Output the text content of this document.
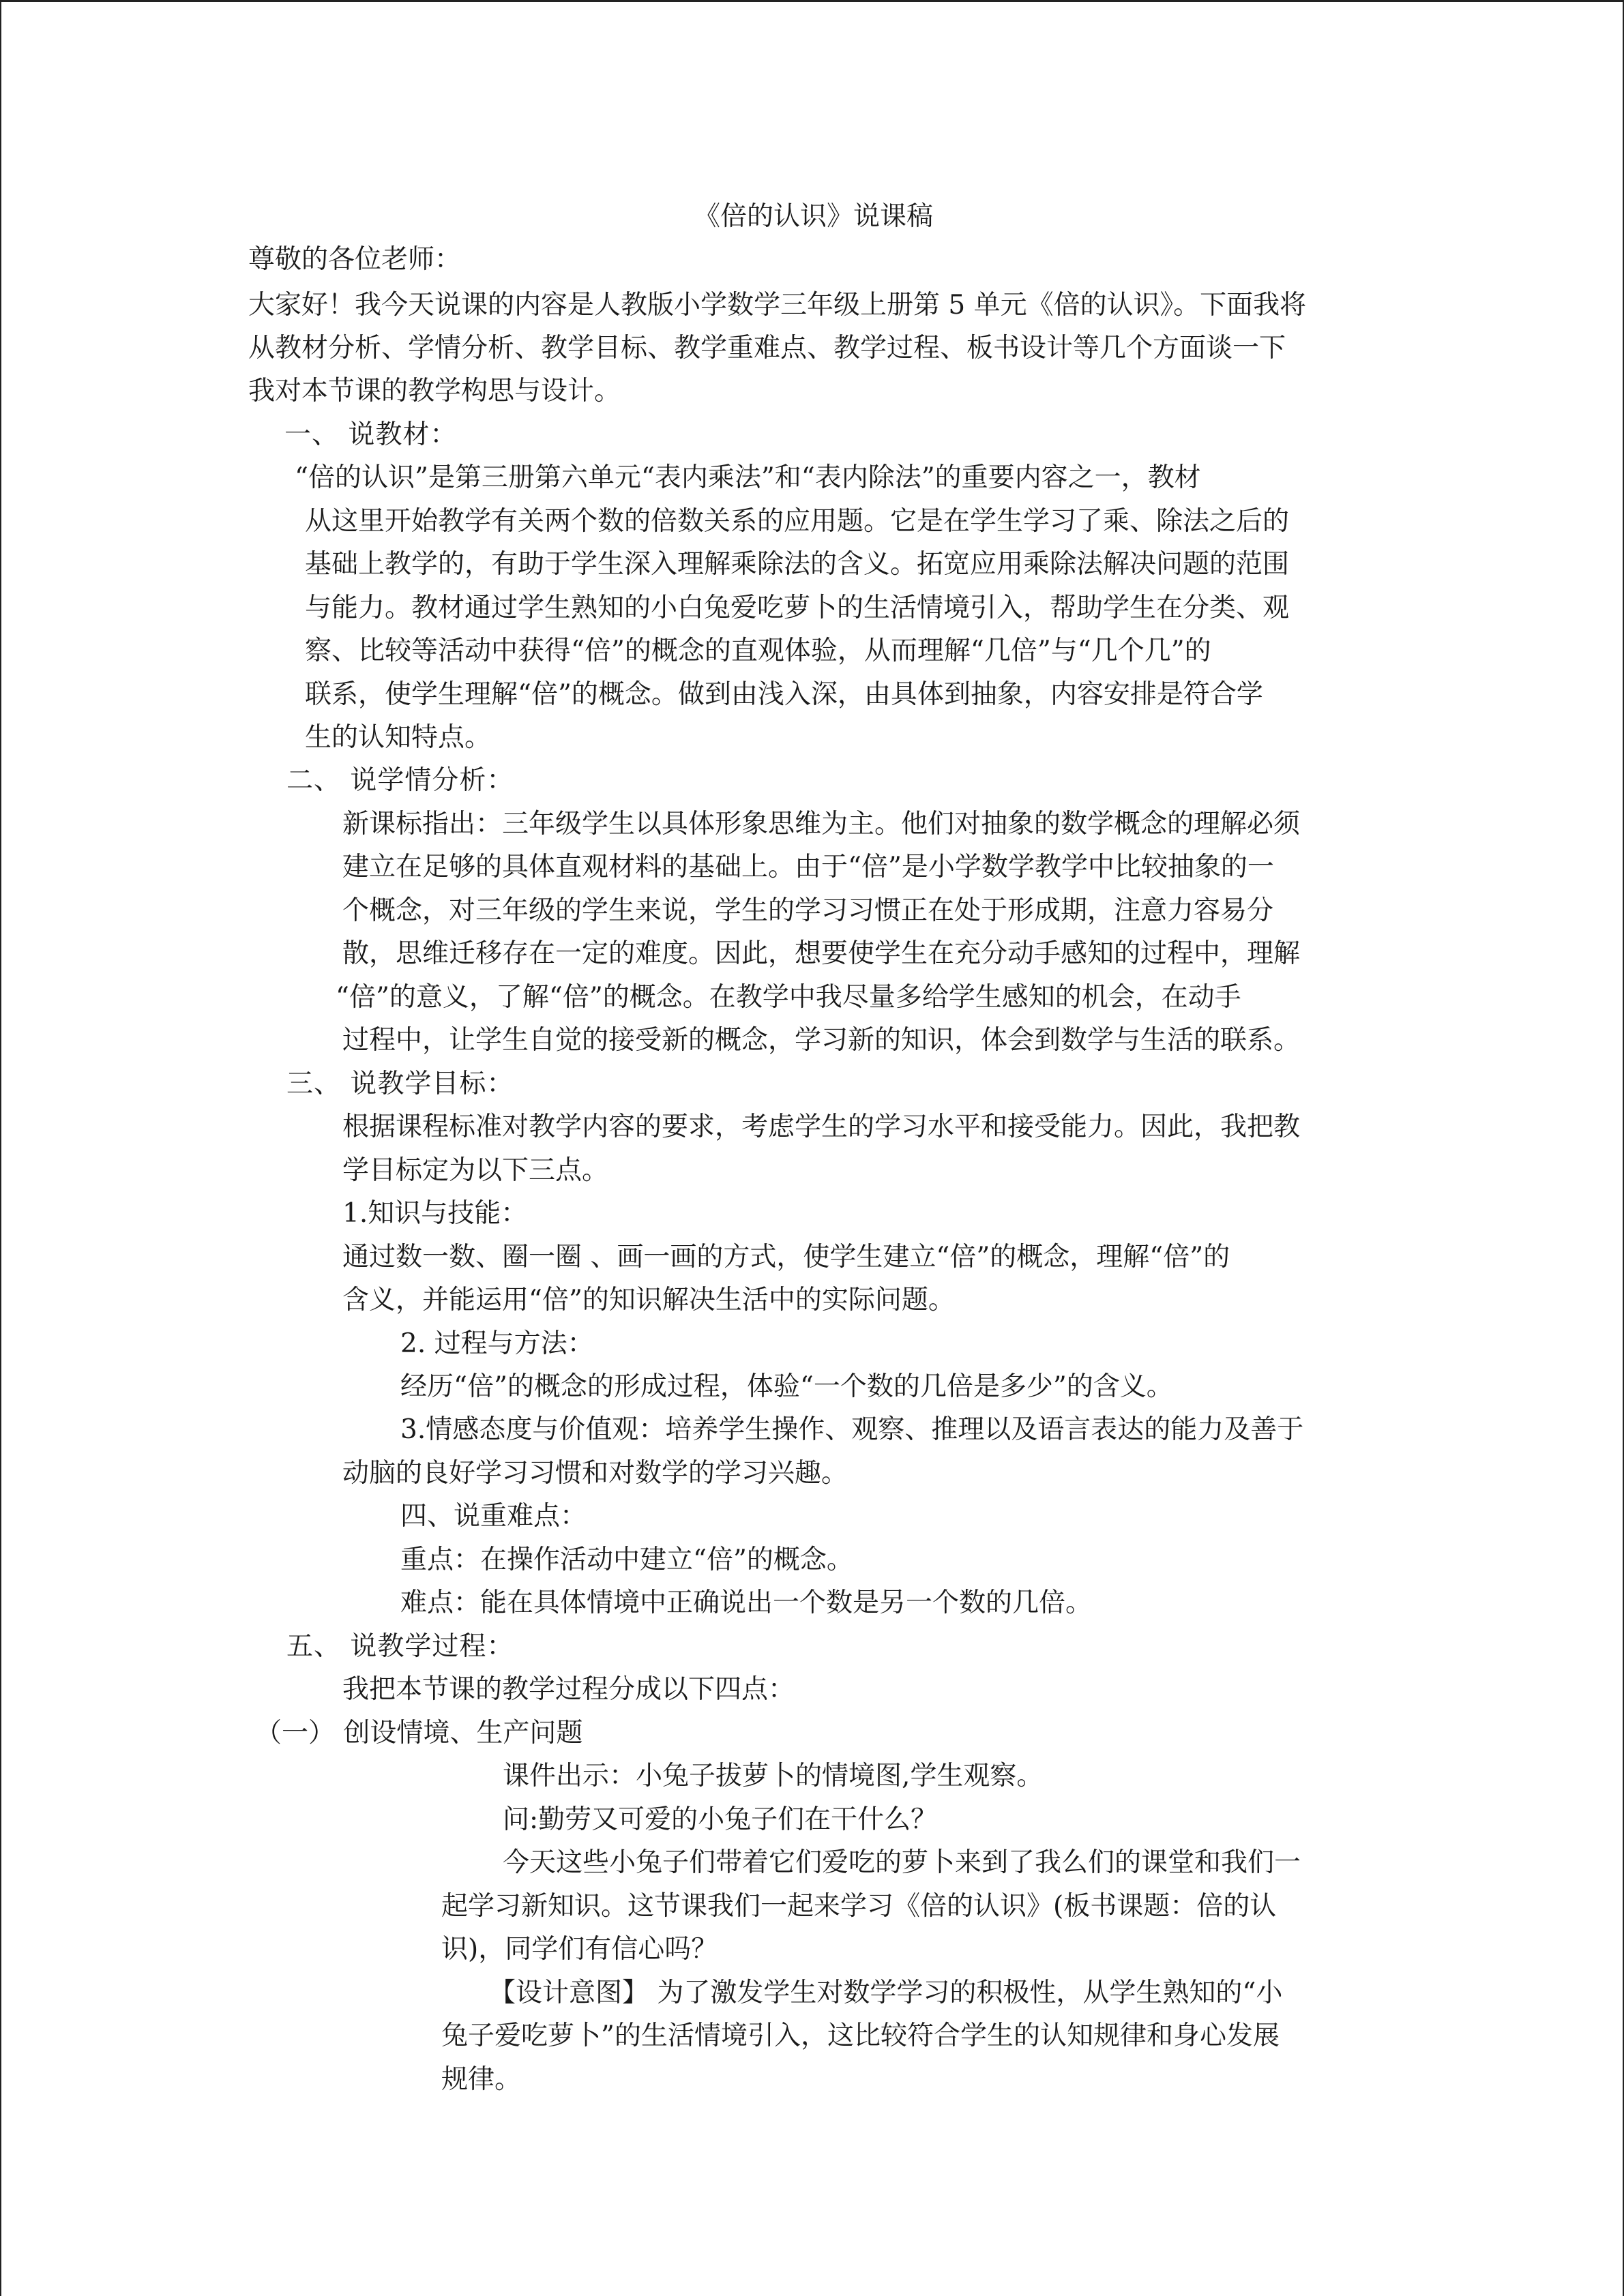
《倍的认识》说课稿
尊敬的各位老师：
大家好！我今天说课的内容是人教版小学数学三年级上册第 5 单元《倍的认识》。下面我将
从教材分析、学情分析、教学目标、教学重难点、教学过程、板书设计等几个方面谈一下
我对本节课的教学构思与设计。
一、 说教材：
“倍的认识”是第三册第六单元“表内乘法”和“表内除法”的重要内容之一，教材
从这里开始教学有关两个数的倍数关系的应用题。它是在学生学习了乘、除法之后的
基础上教学的，有助于学生深入理解乘除法的含义。拓宽应用乘除法解决问题的范围
与能力。教材通过学生熟知的小白兔爱吃萝卜的生活情境引入，帮助学生在分类、观
察、比较等活动中获得“倍”的概念的直观体验，从而理解“几倍”与“几个几”的
联系，使学生理解“倍”的概念。做到由浅入深，由具体到抽象，内容安排是符合学
生的认知特点。
二、 说学情分析：
新课标指出：三年级学生以具体形象思维为主。他们对抽象的数学概念的理解必须
建立在足够的具体直观材料的基础上。由于“倍”是小学数学教学中比较抽象的一
个概念，对三年级的学生来说，学生的学习习惯正在处于形成期，注意力容易分
散，思维迁移存在一定的难度。因此，想要使学生在充分动手感知的过程中，理解
“倍”的意义，了解“倍”的概念。在教学中我尽量多给学生感知的机会，在动手
过程中，让学生自觉的接受新的概念，学习新的知识，体会到数学与生活的联系。
三、 说教学目标：
根据课程标准对教学内容的要求，考虑学生的学习水平和接受能力。因此，我把教
学目标定为以下三点。
1.知识与技能：
通过数一数、圈一圈 、画一画的方式，使学生建立“倍”的概念，理解“倍”的
含义，并能运用“倍”的知识解决生活中的实际问题。
2. 过程与方法：
经历“倍”的概念的形成过程，体验“一个数的几倍是多少”的含义。
3.情感态度与价值观：培养学生操作、观察、推理以及语言表达的能力及善于
动脑的良好学习习惯和对数学的学习兴趣。
四、说重难点：
重点：在操作活动中建立“倍”的概念。
难点：能在具体情境中正确说出一个数是另一个数的几倍。
五、 说教学过程：
我把本节课的教学过程分成以下四点：
（一） 创设情境、生产问题
课件出示：小兔子拔萝卜的情境图,学生观察。
问:勤劳又可爱的小兔子们在干什么？
今天这些小兔子们带着它们爱吃的萝卜来到了我么们的课堂和我们一
起学习新知识。这节课我们一起来学习《倍的认识》(板书课题：倍的认
识)，同学们有信心吗？
【设计意图】 为了激发学生对数学学习的积极性，从学生熟知的“小
兔子爱吃萝卜”的生活情境引入，这比较符合学生的认知规律和身心发展
规律。
